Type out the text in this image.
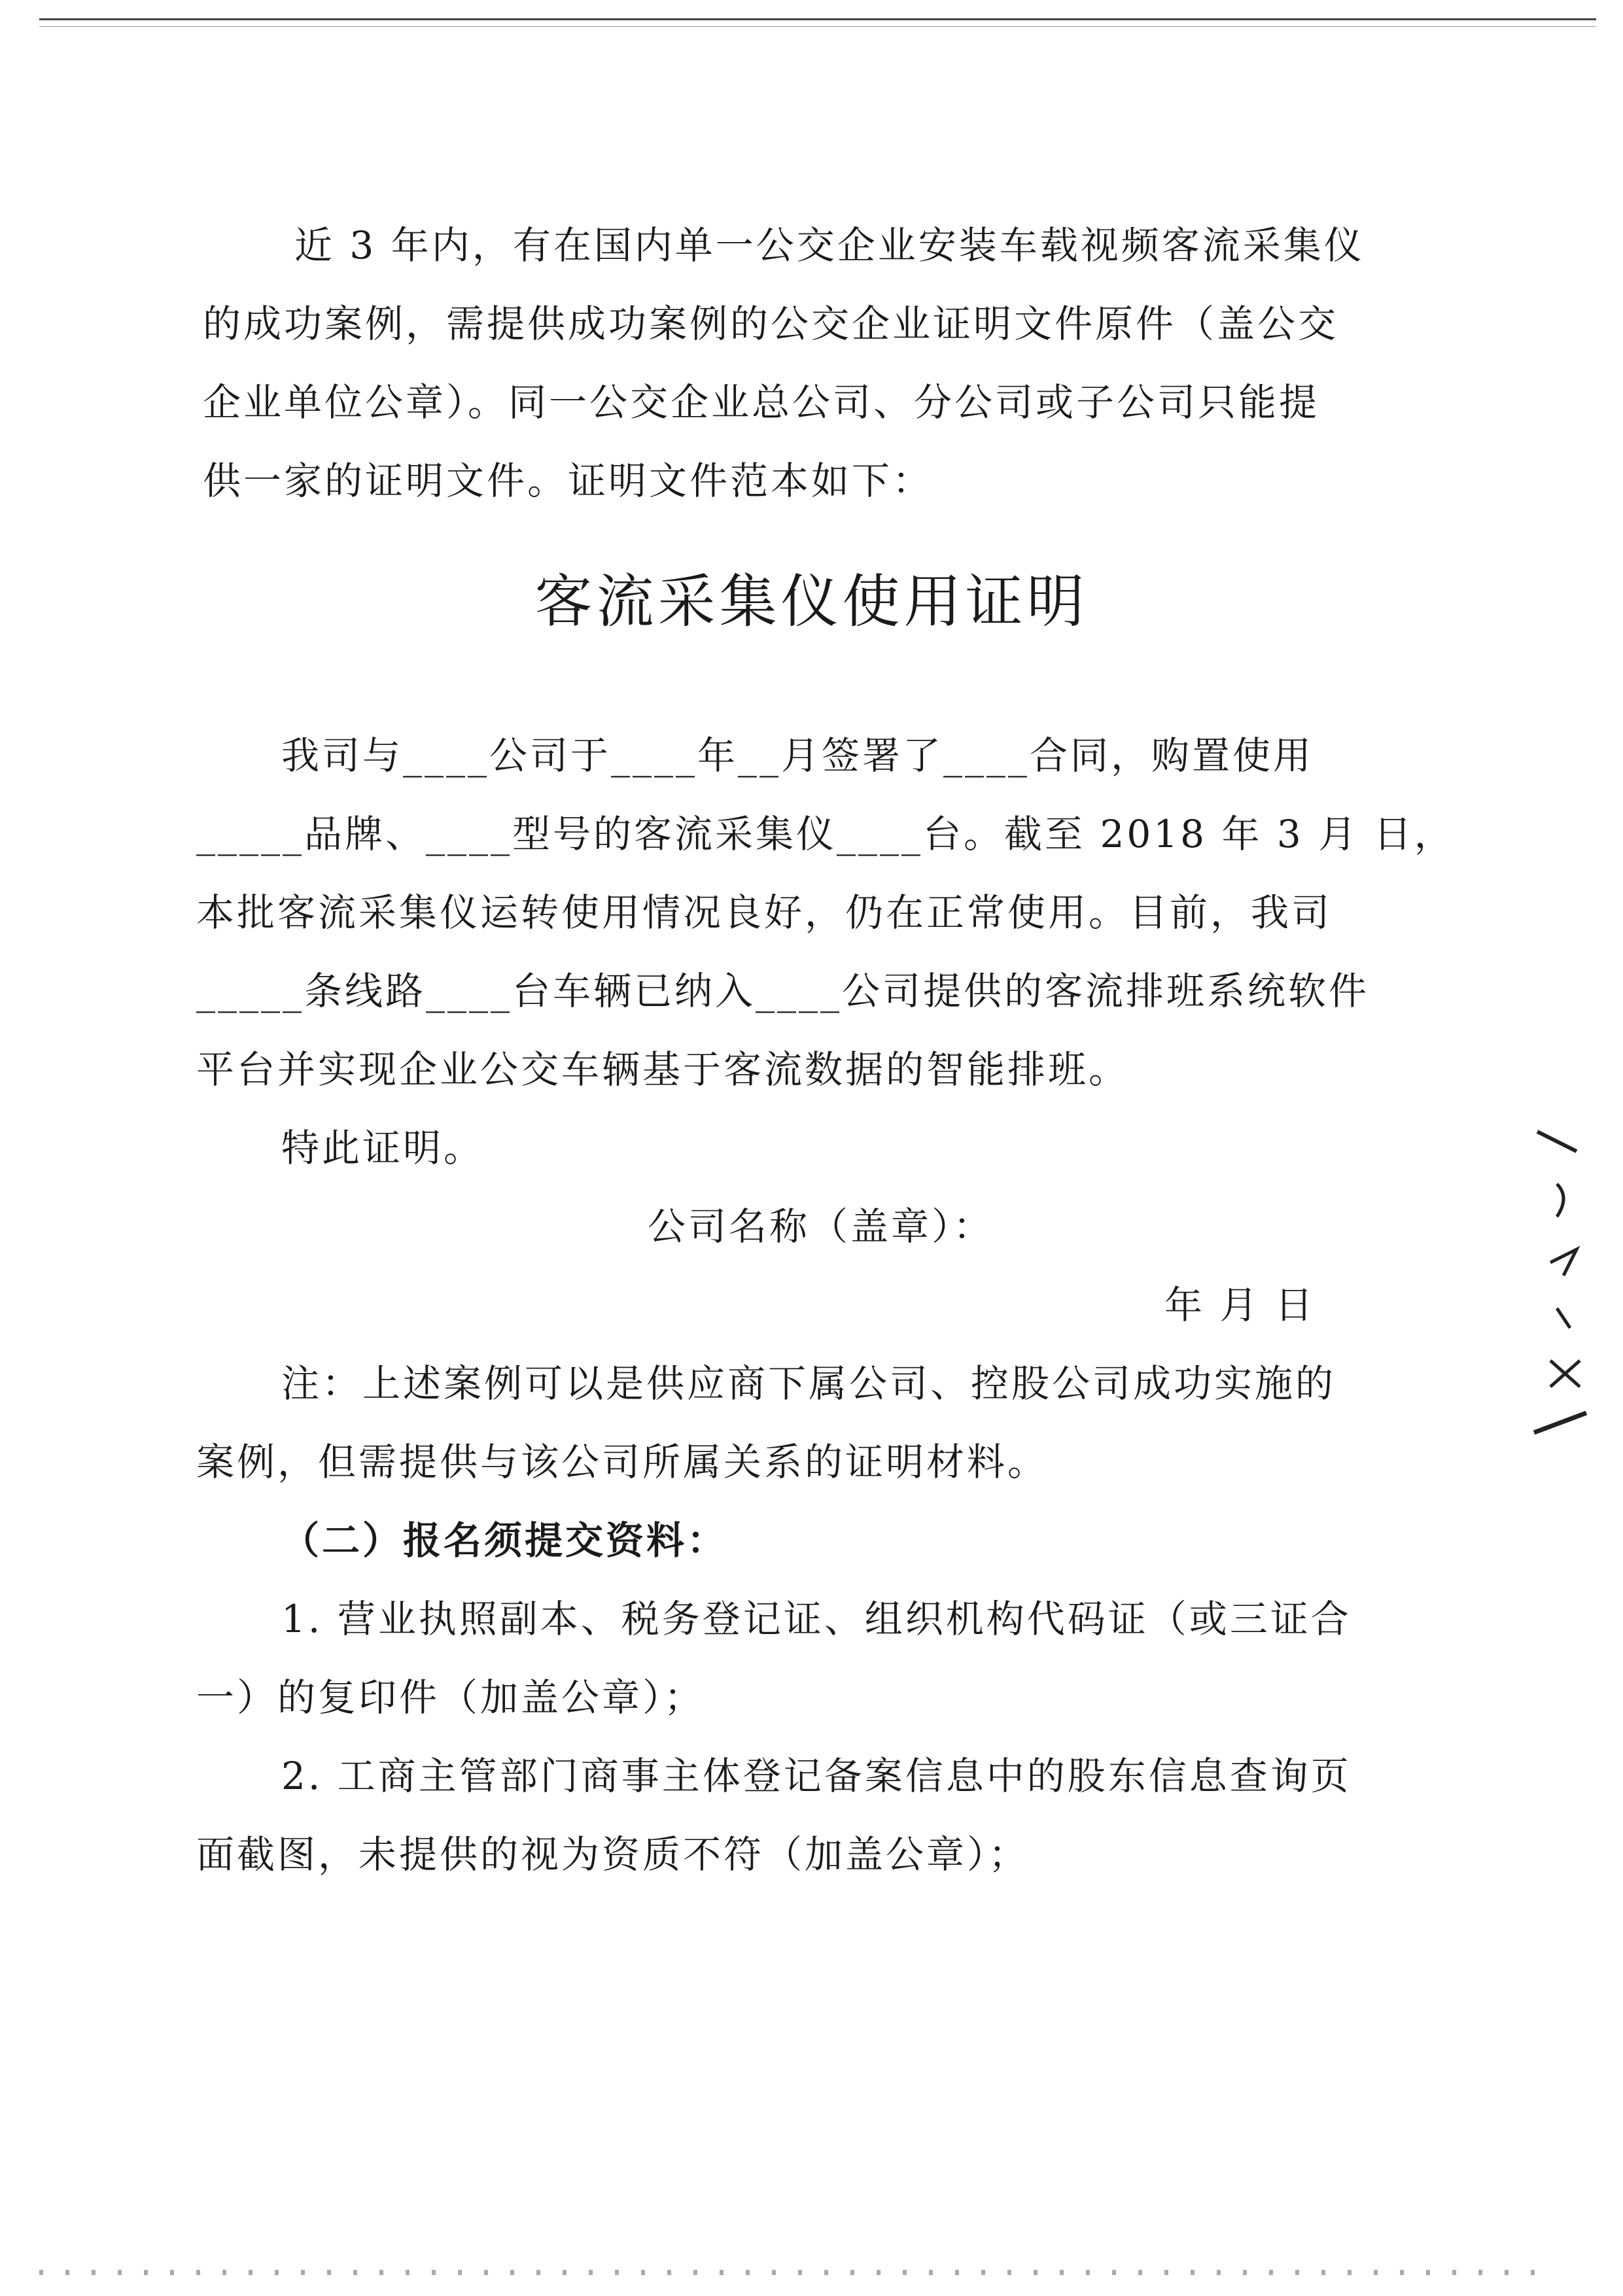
近 3 年内，有在国内单一公交企业安装车载视频客流采集仪
的成功案例，需提供成功案例的公交企业证明文件原件（盖公交
企业单位公章）。同一公交企业总公司、分公司或子公司只能提
供一家的证明文件。证明文件范本如下：
客流采集仪使用证明
我司与____公司于____年__月签署了____合同，购置使用
_____品牌、____型号的客流采集仪____台。截至 2018 年 3 月 日，
本批客流采集仪运转使用情况良好，仍在正常使用。目前，我司
_____条线路____台车辆已纳入____公司提供的客流排班系统软件
平台并实现企业公交车辆基于客流数据的智能排班。
特此证明。
公司名称（盖章）：
年 月 日
注：上述案例可以是供应商下属公司、控股公司成功实施的
案例，但需提供与该公司所属关系的证明材料。
（二）报名须提交资料：
1. 营业执照副本、税务登记证、组织机构代码证（或三证合
一）的复印件（加盖公章）；
2. 工商主管部门商事主体登记备案信息中的股东信息查询页
面截图，未提供的视为资质不符（加盖公章）；
